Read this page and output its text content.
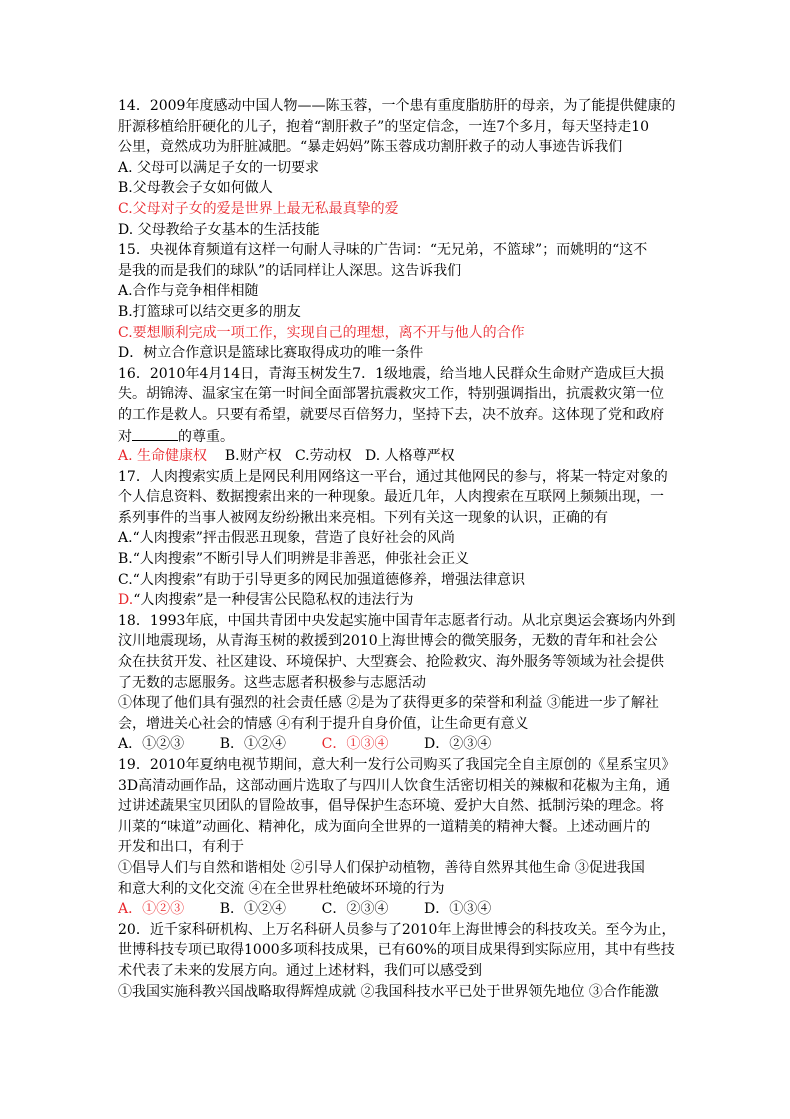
14．2009年度感动中国人物——陈玉蓉，一个患有重度脂肪肝的母亲，为了能提供健康的
肝源移植给肝硬化的儿子，抱着“割肝救子”的坚定信念，一连7个多月，每天坚持走10
公里，竟然成功为肝脏减肥。“暴走妈妈”陈玉蓉成功割肝救子的动人事迹告诉我们
A. 父母可以满足子女的一切要求
B.父母教会子女如何做人
C.父母对子女的爱是世界上最无私最真挚的爱
D. 父母教给子女基本的生活技能
15．央视体育频道有这样一句耐人寻味的广告词：“无兄弟，不篮球”；而姚明的“这不
是我的而是我们的球队”的话同样让人深思。这告诉我们
A.合作与竞争相伴相随
B.打篮球可以结交更多的朋友
C.要想顺利完成一项工作，实现自己的理想，离不开与他人的合作
D．树立合作意识是篮球比赛取得成功的唯一条件
16．2010年4月14日，青海玉树发生7．1级地震，给当地人民群众生命财产造成巨大损
失。胡锦涛、温家宝在第一时间全面部署抗震救灾工作，特别强调指出，抗震救灾第一位
的工作是救人。只要有希望，就要尽百倍努力，坚持下去，决不放弃。这体现了党和政府
对	的尊重。
A. 生命健康权 B.财产权 C.劳动权 D. 人格尊严权
17．人肉搜索实质上是网民利用网络这一平台，通过其他网民的参与，将某一特定对象的
个人信息资料、数据搜索出来的一种现象。最近几年，人肉搜索在互联网上频频出现，一
系列事件的当事人被网友纷纷揪出来亮相。下列有关这一现象的认识，正确的有
A.“人肉搜索”抨击假恶丑现象，营造了良好社会的风尚
B.“人肉搜索”不断引导人们明辨是非善恶，伸张社会正义
C.“人肉搜索”有助于引导更多的网民加强道德修养，增强法律意识
D.“人肉搜索”是一种侵害公民隐私权的违法行为
18．1993年底，中国共青团中央发起实施中国青年志愿者行动。从北京奥运会赛场内外到
汶川地震现场，从青海玉树的救援到2010上海世博会的微笑服务，无数的青年和社会公
众在扶贫开发、社区建设、环境保护、大型赛会、抢险救灾、海外服务等领域为社会提供
了无数的志愿服务。这些志愿者积极参与志愿活动
①体现了他们具有强烈的社会责任感 ②是为了获得更多的荣誉和利益 ③能进一步了解社
会，增进关心社会的情感 ④有利于提升自身价值，让生命更有意义
A．①②③	B．①②④	C．①③④	D．②③④
19．2010年夏纳电视节期间，意大利一发行公司购买了我国完全自主原创的《星系宝贝》
3D高清动画作品，这部动画片选取了与四川人饮食生活密切相关的辣椒和花椒为主角，通
过讲述蔬果宝贝团队的冒险故事，倡导保护生态环境、爱护大自然、抵制污染的理念。将
川菜的“味道”动画化、精神化，成为面向全世界的一道精美的精神大餐。上述动画片的
开发和出口，有利于
①倡导人们与自然和谐相处 ②引导人们保护动植物，善待自然界其他生命 ③促进我国
和意大利的文化交流 ④在全世界杜绝破坏环境的行为
A．①②③	B．①②④	C．②③④	D．①③④
20．近千家科研机构、上万名科研人员参与了2010年上海世博会的科技攻关。至今为止，
世博科技专项已取得1000多项科技成果，已有60%的项目成果得到实际应用，其中有些技
术代表了未来的发展方向。通过上述材料，我们可以感受到
①我国实施科教兴国战略取得辉煌成就 ②我国科技水平已处于世界领先地位 ③合作能激
